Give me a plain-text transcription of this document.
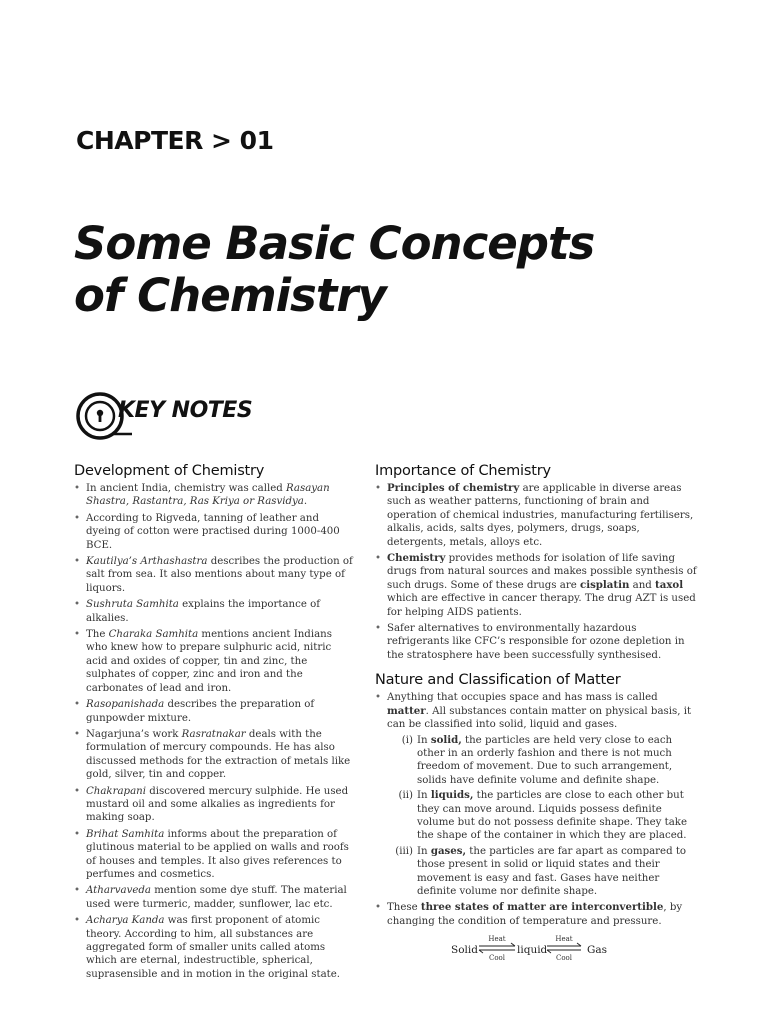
CHAPTER > 01
Some Basic Concepts
of Chemistry
KEY NOTES
Development of Chemistry
• In ancient India, chemistry was called Rasayan Shastra, Rastantra, Ras Kriya or Rasvidya.
• According to Rigveda, tanning of leather and dyeing of cotton were practised during 1000-400 BCE.
• Kautilya’s Arthashastra describes the production of salt from sea. It also mentions about many type of liquors.
• Sushruta Samhita explains the importance of alkalies.
• The Charaka Samhita mentions ancient Indians who knew how to prepare sulphuric acid, nitric acid and oxides of copper, tin and zinc, the sulphates of copper, zinc and iron and the carbonates of lead and iron.
• Rasopanishada describes the preparation of gunpowder mixture.
• Nagarjuna’s work Rasratnakar deals with the formulation of mercury compounds. He has also discussed methods for the extraction of metals like gold, silver, tin and copper.
• Chakrapani discovered mercury sulphide. He used mustard oil and some alkalies as ingredients for making soap.
• Brihat Samhita informs about the preparation of glutinous material to be applied on walls and roofs of houses and temples. It also gives references to perfumes and cosmetics.
• Atharvaveda mention some dye stuff. The material used were turmeric, madder, sunflower, lac etc.
• Acharya Kanda was first proponent of atomic theory. According to him, all substances are aggregated form of smaller units called atoms which are eternal, indestructible, spherical, suprasensible and in motion in the original state.
Importance of Chemistry
• Principles of chemistry are applicable in diverse areas such as weather patterns, functioning of brain and operation of chemical industries, manufacturing fertilisers, alkalis, acids, salts dyes, polymers, drugs, soaps, detergents, metals, alloys etc.
• Chemistry provides methods for isolation of life saving drugs from natural sources and makes possible synthesis of such drugs. Some of these drugs are cisplatin and taxol which are effective in cancer therapy. The drug AZT is used for helping AIDS patients.
• Safer alternatives to environmentally hazardous refrigerants like CFC’s responsible for ozone depletion in the stratosphere have been successfully synthesised.
Nature and Classification of Matter
• Anything that occupies space and has mass is called matter. All substances contain matter on physical basis, it can be classified into solid, liquid and gases.
(i) In solid, the particles are held very close to each other in an orderly fashion and there is not much freedom of movement. Due to such arrangement, solids have definite volume and definite shape.
(ii) In liquids, the particles are close to each other but they can move around. Liquids possess definite volume but do not possess definite shape. They take the shape of the container in which they are placed.
(iii) In gases, the particles are far apart as compared to those present in solid or liquid states and their movement is easy and fast. Gases have neither definite volume nor definite shape.
• These three states of matter are interconvertible, by changing the condition of temperature and pressure.
Solid
Heat
Cool
liquid
Heat
Cool
Gas
